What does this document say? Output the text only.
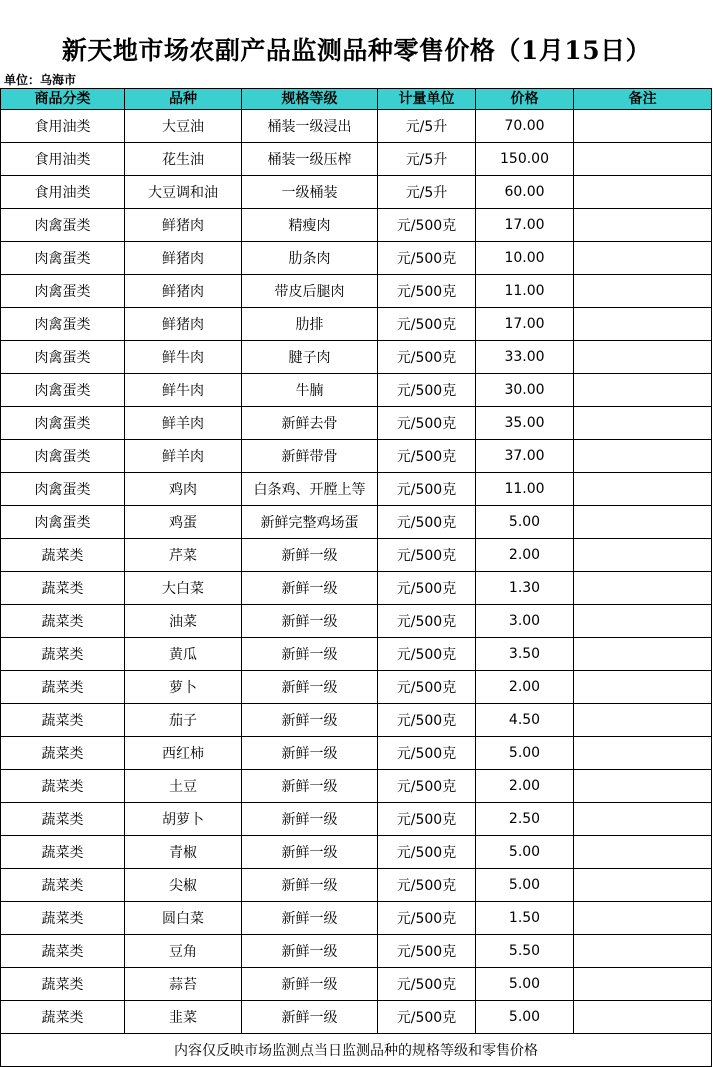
新天地市场农副产品监测品种零售价格（1月15日）
单位：乌海市
商品分类	品种	规格等级	计量单位	价格	备注
食用油类	大豆油	桶装一级浸出	元/5升	70.00	
食用油类	花生油	桶装一级压榨	元/5升	150.00	
食用油类	大豆调和油	一级桶装	元/5升	60.00	
肉禽蛋类	鲜猪肉	精瘦肉	元/500克	17.00	
肉禽蛋类	鲜猪肉	肋条肉	元/500克	10.00	
肉禽蛋类	鲜猪肉	带皮后腿肉	元/500克	11.00	
肉禽蛋类	鲜猪肉	肋排	元/500克	17.00	
肉禽蛋类	鲜牛肉	腱子肉	元/500克	33.00	
肉禽蛋类	鲜牛肉	牛腩	元/500克	30.00	
肉禽蛋类	鲜羊肉	新鲜去骨	元/500克	35.00	
肉禽蛋类	鲜羊肉	新鲜带骨	元/500克	37.00	
肉禽蛋类	鸡肉	白条鸡、开膛上等	元/500克	11.00	
肉禽蛋类	鸡蛋	新鲜完整鸡场蛋	元/500克	5.00	
蔬菜类	芹菜	新鲜一级	元/500克	2.00	
蔬菜类	大白菜	新鲜一级	元/500克	1.30	
蔬菜类	油菜	新鲜一级	元/500克	3.00	
蔬菜类	黄瓜	新鲜一级	元/500克	3.50	
蔬菜类	萝卜	新鲜一级	元/500克	2.00	
蔬菜类	茄子	新鲜一级	元/500克	4.50	
蔬菜类	西红柿	新鲜一级	元/500克	5.00	
蔬菜类	土豆	新鲜一级	元/500克	2.00	
蔬菜类	胡萝卜	新鲜一级	元/500克	2.50	
蔬菜类	青椒	新鲜一级	元/500克	5.00	
蔬菜类	尖椒	新鲜一级	元/500克	5.00	
蔬菜类	圆白菜	新鲜一级	元/500克	1.50	
蔬菜类	豆角	新鲜一级	元/500克	5.50	
蔬菜类	蒜苔	新鲜一级	元/500克	5.00	
蔬菜类	韭菜	新鲜一级	元/500克	5.00	
内容仅反映市场监测点当日监测品种的规格等级和零售价格					
